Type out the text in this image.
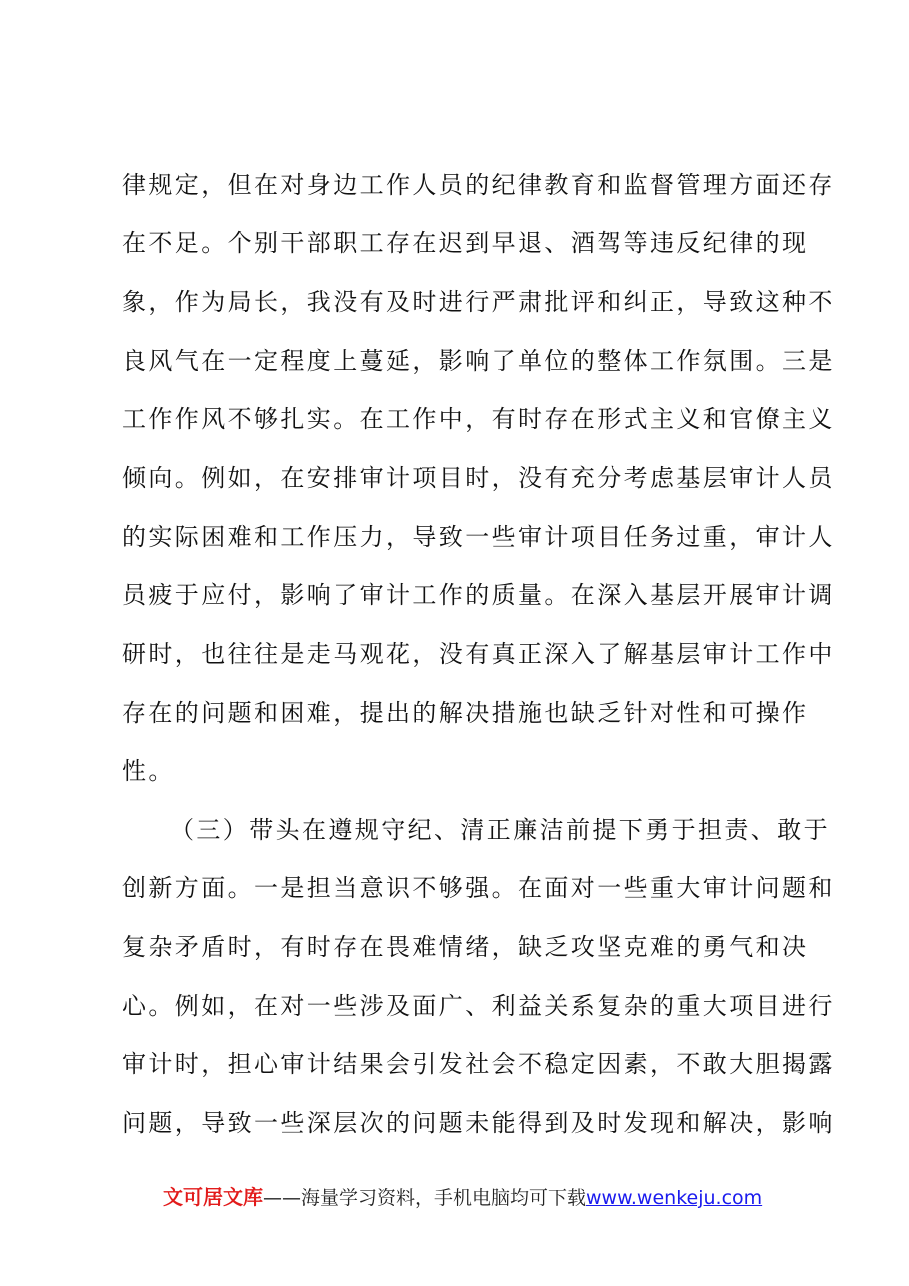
律规定，但在对身边工作人员的纪律教育和监督管理方面还存
在不足。个别干部职工存在迟到早退、酒驾等违反纪律的现
象，作为局长，我没有及时进行严肃批评和纠正，导致这种不
良风气在一定程度上蔓延，影响了单位的整体工作氛围。三是
工作作风不够扎实。在工作中，有时存在形式主义和官僚主义
倾向。例如，在安排审计项目时，没有充分考虑基层审计人员
的实际困难和工作压力，导致一些审计项目任务过重，审计人
员疲于应付，影响了审计工作的质量。在深入基层开展审计调
研时，也往往是走马观花，没有真正深入了解基层审计工作中
存在的问题和困难，提出的解决措施也缺乏针对性和可操作
性。
（三）带头在遵规守纪、清正廉洁前提下勇于担责、敢于
创新方面。一是担当意识不够强。在面对一些重大审计问题和
复杂矛盾时，有时存在畏难情绪，缺乏攻坚克难的勇气和决
心。例如，在对一些涉及面广、利益关系复杂的重大项目进行
审计时，担心审计结果会引发社会不稳定因素，不敢大胆揭露
问题，导致一些深层次的问题未能得到及时发现和解决，影响
文可居文库——海量学习资料，手机电脑均可下载www.wenkeju.com
